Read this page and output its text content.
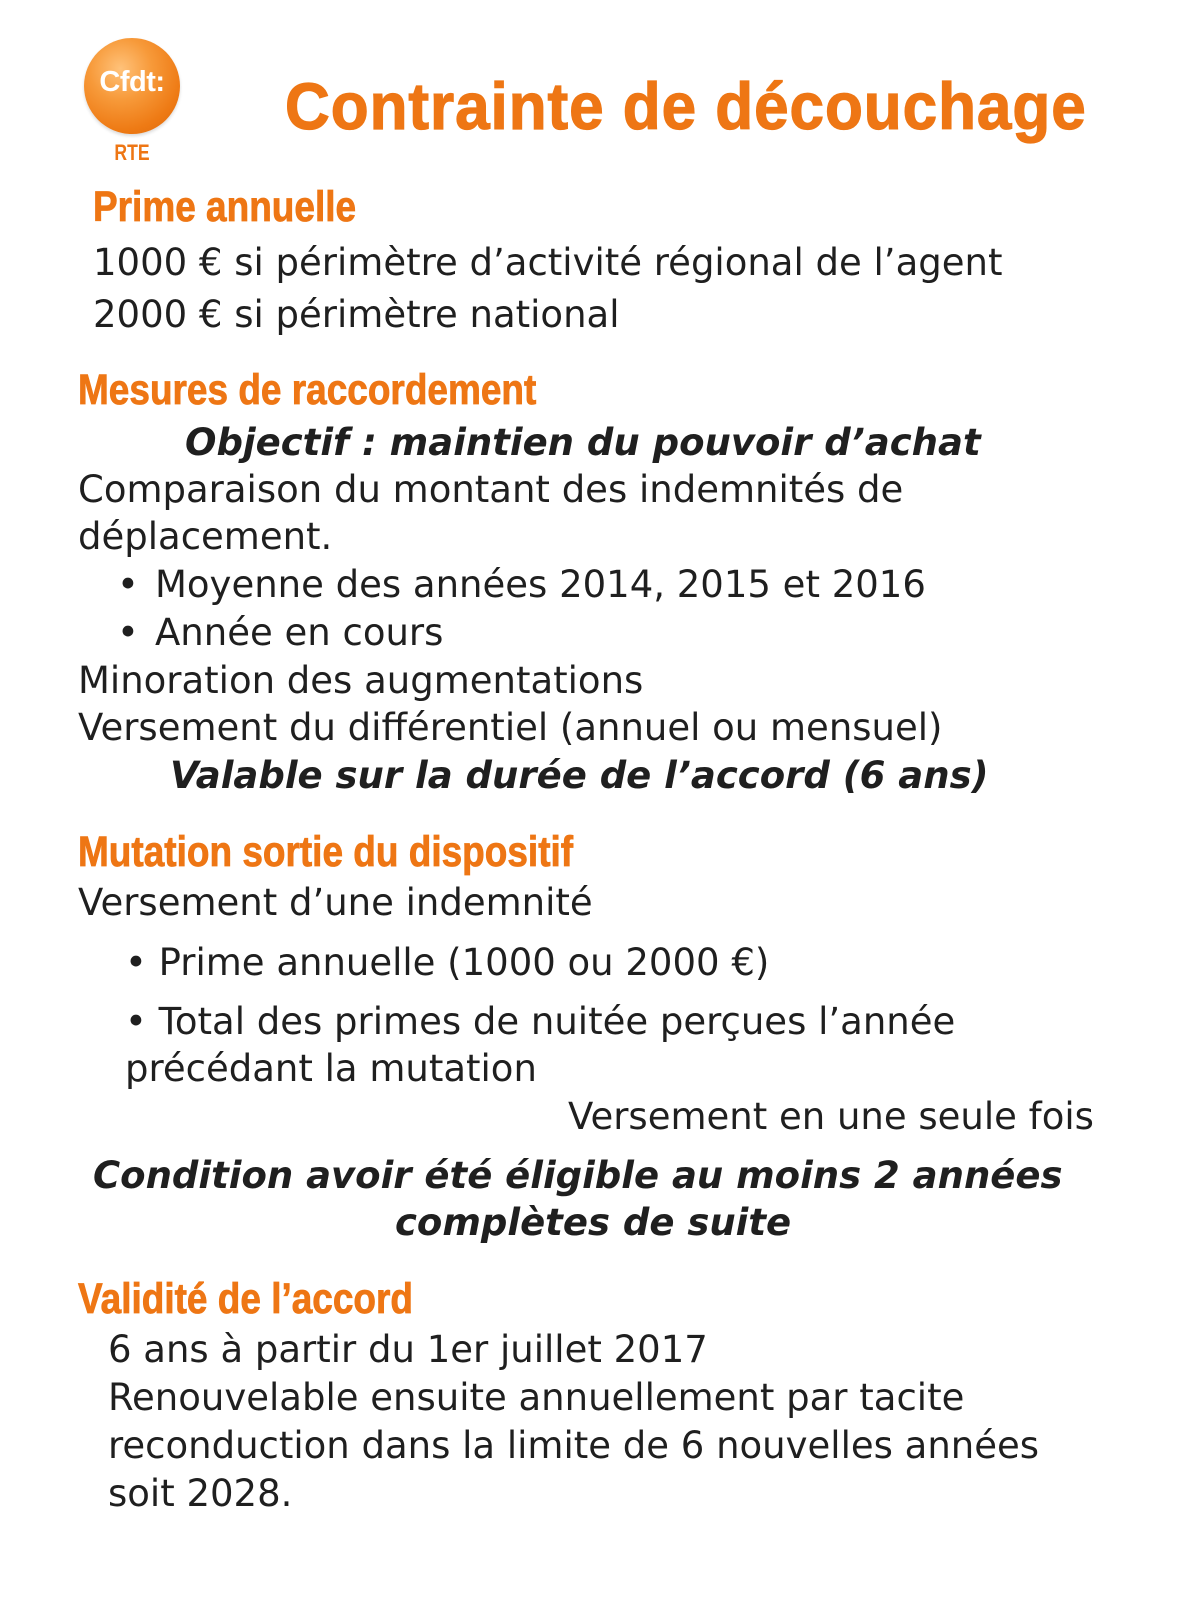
Cfdt:
RTE
Contrainte de découchage
Prime annuelle
1000 € si périmètre d’activité régional de l’agent
2000 € si périmètre national
Mesures de raccordement
Objectif : maintien du pouvoir d’achat
Comparaison du montant des indemnités de
déplacement.
• Moyenne des années 2014, 2015 et 2016
• Année en cours
Minoration des augmentations
Versement du différentiel (annuel ou mensuel)
Valable sur la durée de l’accord (6 ans)
Mutation sortie du dispositif
Versement d’une indemnité
• Prime annuelle (1000 ou 2000 €)
• Total des primes de nuitée perçues l’année
précédant la mutation
Versement en une seule fois
Condition avoir été éligible au moins 2 années
complètes de suite
Validité de l’accord
6 ans à partir du 1er juillet 2017
Renouvelable ensuite annuellement par tacite
reconduction dans la limite de 6 nouvelles années
soit 2028.
